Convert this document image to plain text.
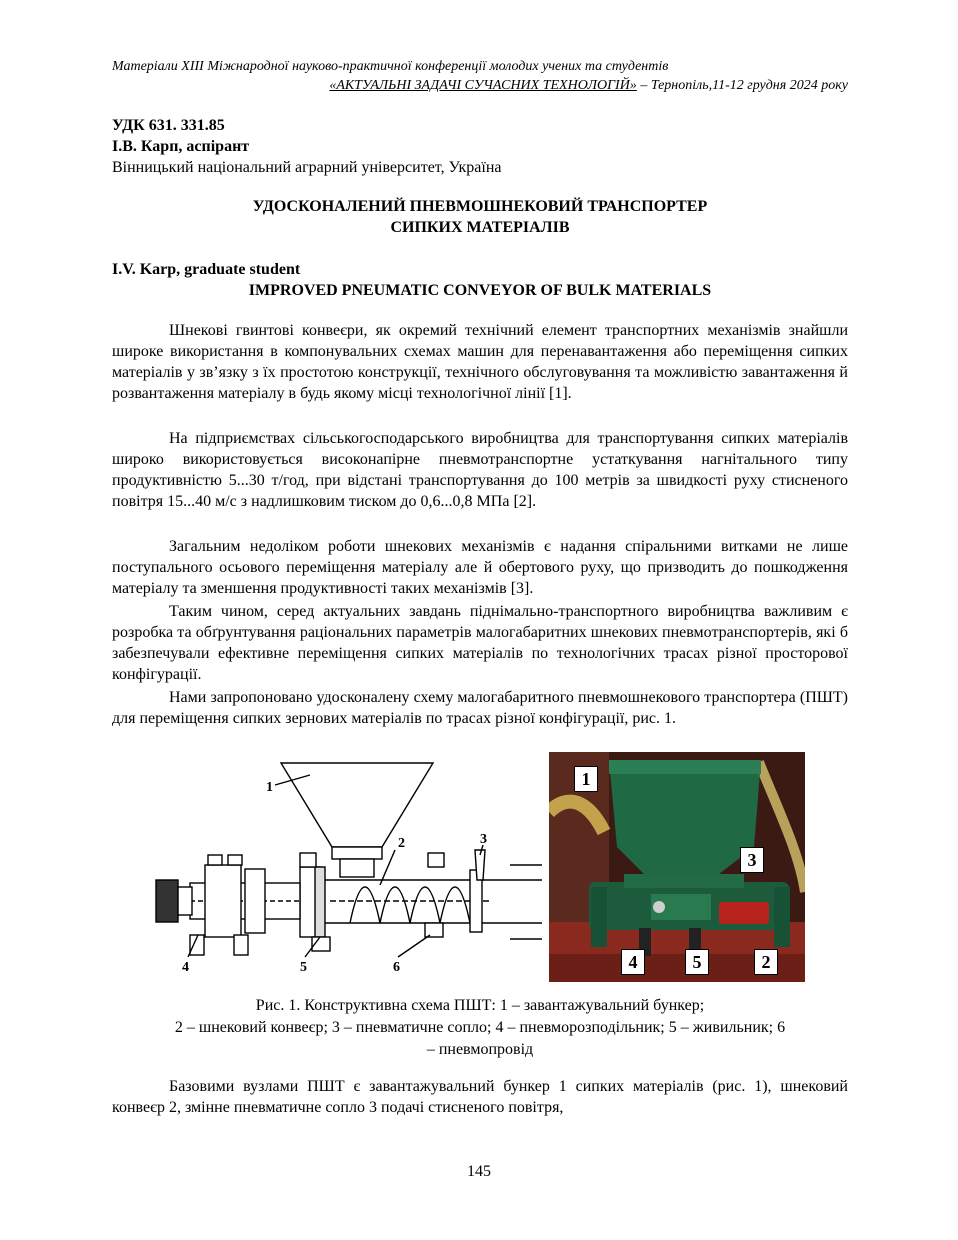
Матеріали XIII Міжнародної науково-практичної конференції молодих учених та студентів
«АКТУАЛЬНІ ЗАДАЧІ СУЧАСНИХ ТЕХНОЛОГІЙ» – Тернопіль,11-12 грудня 2024 року
УДК 631. 331.85
І.В. Карп, аспірант
Вінницький національний аграрний університет, Україна
УДОСКОНАЛЕНИЙ ПНЕВМОШНЕКОВИЙ ТРАНСПОРТЕР
СИПКИХ МАТЕРІАЛІВ
I.V. Karp, graduate student
IMPROVED PNEUMATIC CONVEYOR OF BULK MATERIALS

Шнекові гвинтові конвеєри, як окремий технічний елемент транспортних механізмів знайшли широке використання в компонувальних схемах машин для перенавантаження або переміщення сипких матеріалів у зв’язку з їх простотою конструкції, технічного обслуговування та можливістю завантаження й розвантаження матеріалу в будь якому місці технологічної лінії [1].

На підприємствах сільськогосподарського виробництва для транспортування сипких матеріалів широко використовується високонапірне пневмотранспортне устаткування нагнітального типу продуктивністю 5...30 т/год, при відстані транспортування до 100 метрів за швидкості руху стисненого повітря 15...40 м/с з надлишковим тиском до 0,6...0,8 МПа [2].

Загальним недоліком роботи шнекових механізмів є надання спіральними витками не лише поступального осьового переміщення матеріалу але й обертового руху, що призводить до пошкодження матеріалу та зменшення продуктивності таких механізмів [3].

Таким чином, серед актуальних завдань піднімально-транспортного виробництва важливим є розробка та обґрунтування раціональних параметрів малогабаритних шнекових пневмотранспортерів, які б забезпечували ефективне переміщення сипких матеріалів по технологічних трасах різної просторової конфігурації.

Нами запропоновано удосконалену схему малогабаритного пневмошнекового транспортера (ПШТ) для переміщення сипких зернових матеріалів по трасах різної конфігурації, рис. 1.

1
2	3
4	5	6
1
2
3
4	5
Рис. 1. Конструктивна схема ПШТ: 1 – завантажувальний бункер;
2 – шнековий конвеєр; 3 – пневматичне сопло; 4 – пневморозподільник; 5 – живильник; 6
– пневмопровід

Базовими вузлами ПШТ є завантажувальний бункер 1 сипких матеріалів (рис. 1), шнековий конвеєр 2, змінне пневматичне сопло 3 подачі стисненого повітря,

145
